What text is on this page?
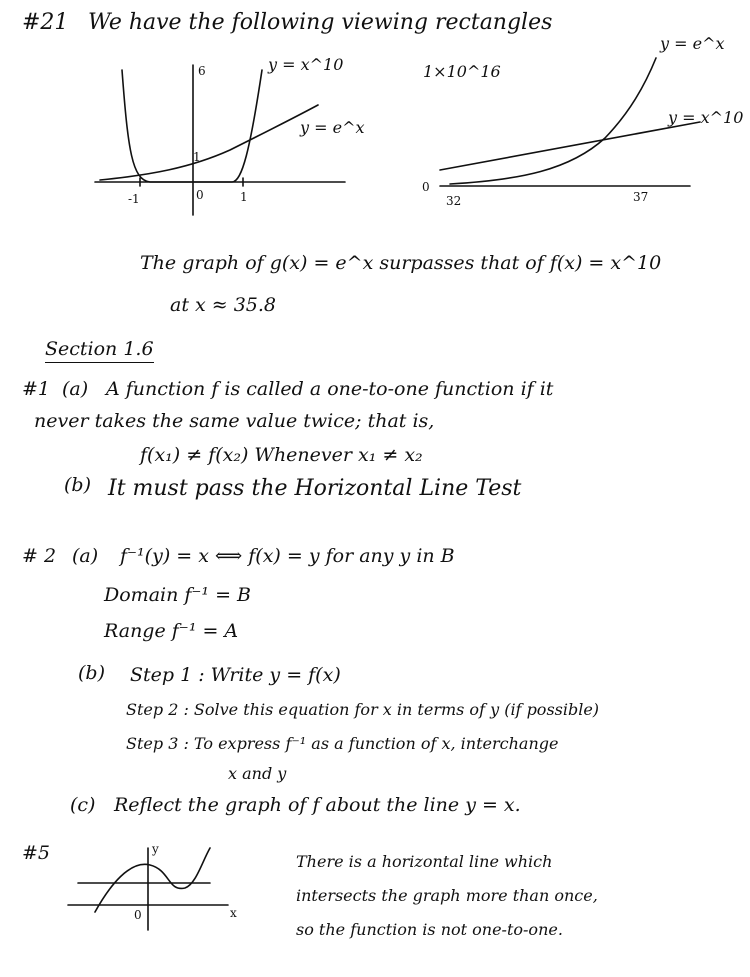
#21 We have the following viewing rectangles
y = x^10
y = e^x
6
1
-1	0	1
1×10^16
y = e^x
y = x^10
0
32	37
The graph of g(x) = e^x surpasses that of f(x) = x^10
at x ≈ 35.8
Section 1.6
#1 (a) A function f is called a one-to-one function if it
never takes the same value twice; that is,
f(x₁) ≠ f(x₂) Whenever x₁ ≠ x₂
(b) It must pass the Horizontal Line Test
# 2 (a) f⁻¹(y) = x ⟺ f(x) = y for any y in B
Domain f⁻¹ = B
Range f⁻¹ = A
(b) Step 1 : Write y = f(x)
Step 2 : Solve this equation for x in terms of y (if possible)
Step 3 : To express f⁻¹ as a function of x, interchange
x and y
(c) Reflect the graph of f about the line y = x.
#5	y
x
0
There is a horizontal line which
intersects the graph more than once,
so the function is not one-to-one.
